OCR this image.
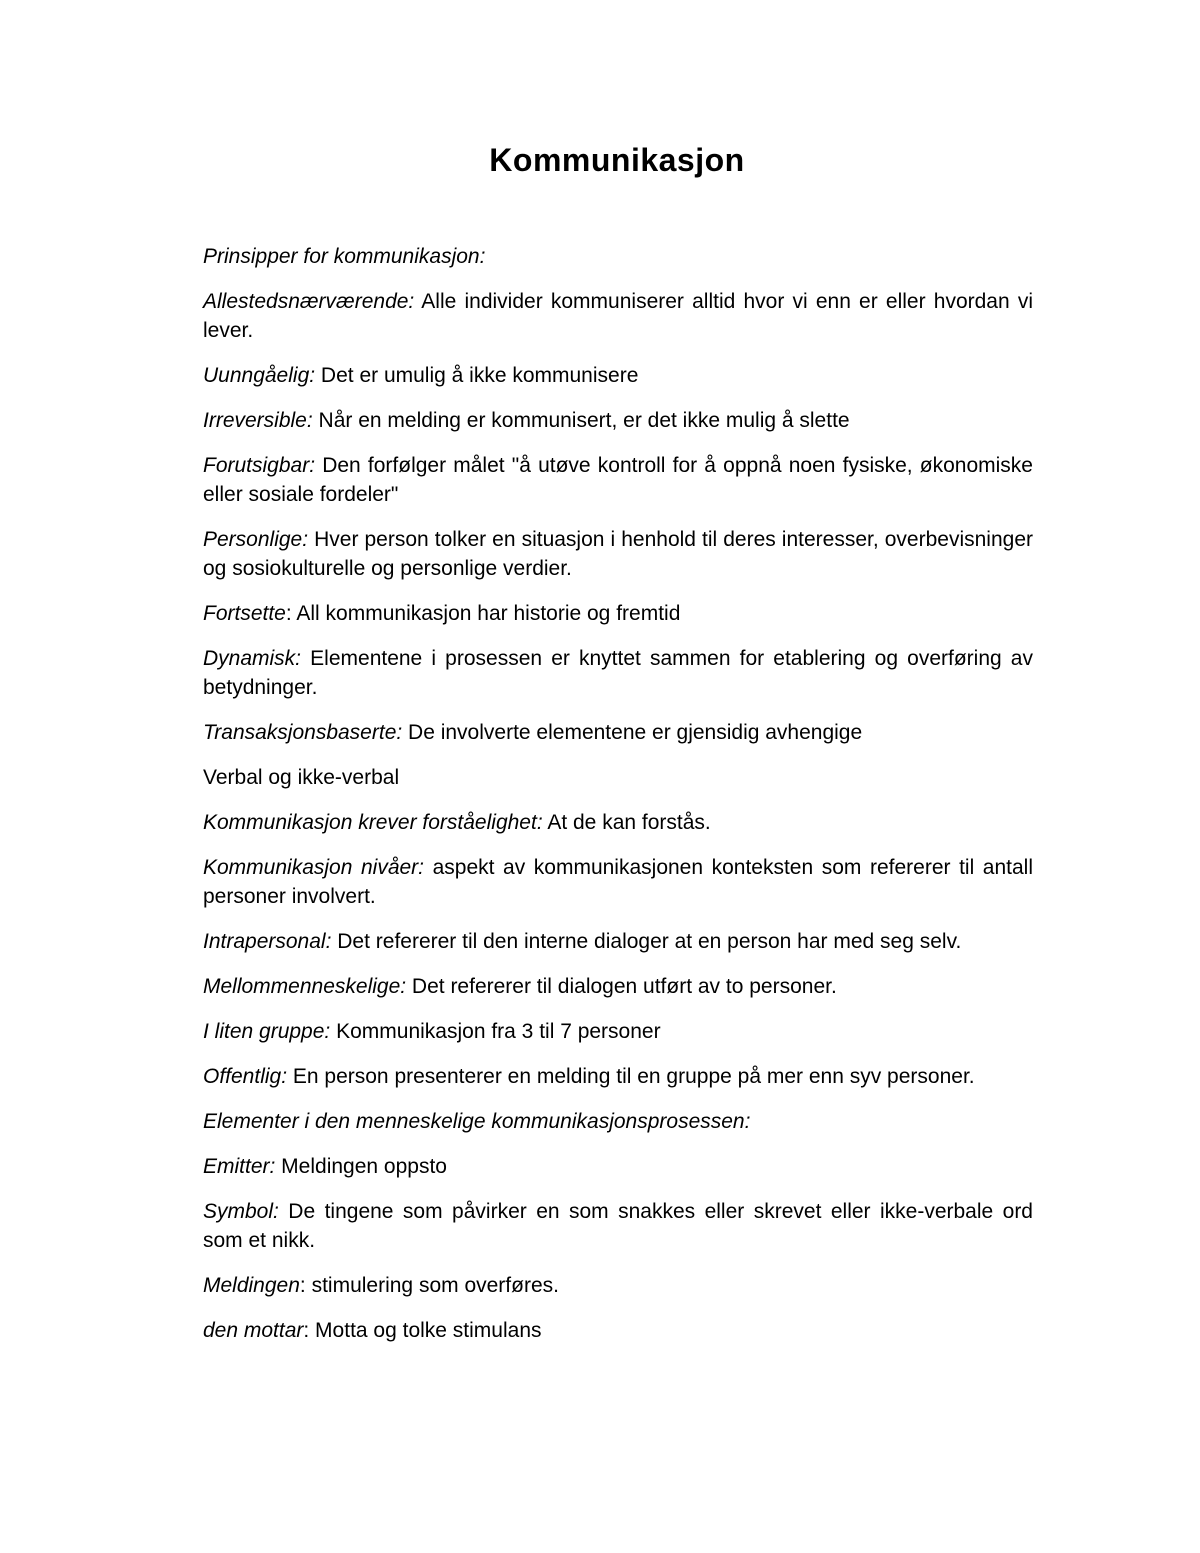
Kommunikasjon

Prinsipper for kommunikasjon:

Allestedsnærværende: Alle individer kommuniserer alltid hvor vi enn er eller hvordan vi lever.

Uunngåelig: Det er umulig å ikke kommunisere

Irreversible: Når en melding er kommunisert, er det ikke mulig å slette

Forutsigbar: Den forfølger målet "å utøve kontroll for å oppnå noen fysiske, økonomiske eller sosiale fordeler"

Personlige: Hver person tolker en situasjon i henhold til deres interesser, overbevisninger og sosiokulturelle og personlige verdier.

Fortsette: All kommunikasjon har historie og fremtid

Dynamisk: Elementene i prosessen er knyttet sammen for etablering og overføring av betydninger.

Transaksjonsbaserte: De involverte elementene er gjensidig avhengige

Verbal og ikke-verbal

Kommunikasjon krever forståelighet: At de kan forstås.

Kommunikasjon nivåer: aspekt av kommunikasjonen konteksten som refererer til antall personer involvert.

Intrapersonal: Det refererer til den interne dialoger at en person har med seg selv.

Mellommenneskelige: Det refererer til dialogen utført av to personer.

I liten gruppe: Kommunikasjon fra 3 til 7 personer

Offentlig: En person presenterer en melding til en gruppe på mer enn syv personer.

Elementer i den menneskelige kommunikasjonsprosessen:

Emitter: Meldingen oppsto

Symbol: De tingene som påvirker en som snakkes eller skrevet eller ikke-verbale ord som et nikk.

Meldingen: stimulering som overføres.

den mottar: Motta og tolke stimulans
